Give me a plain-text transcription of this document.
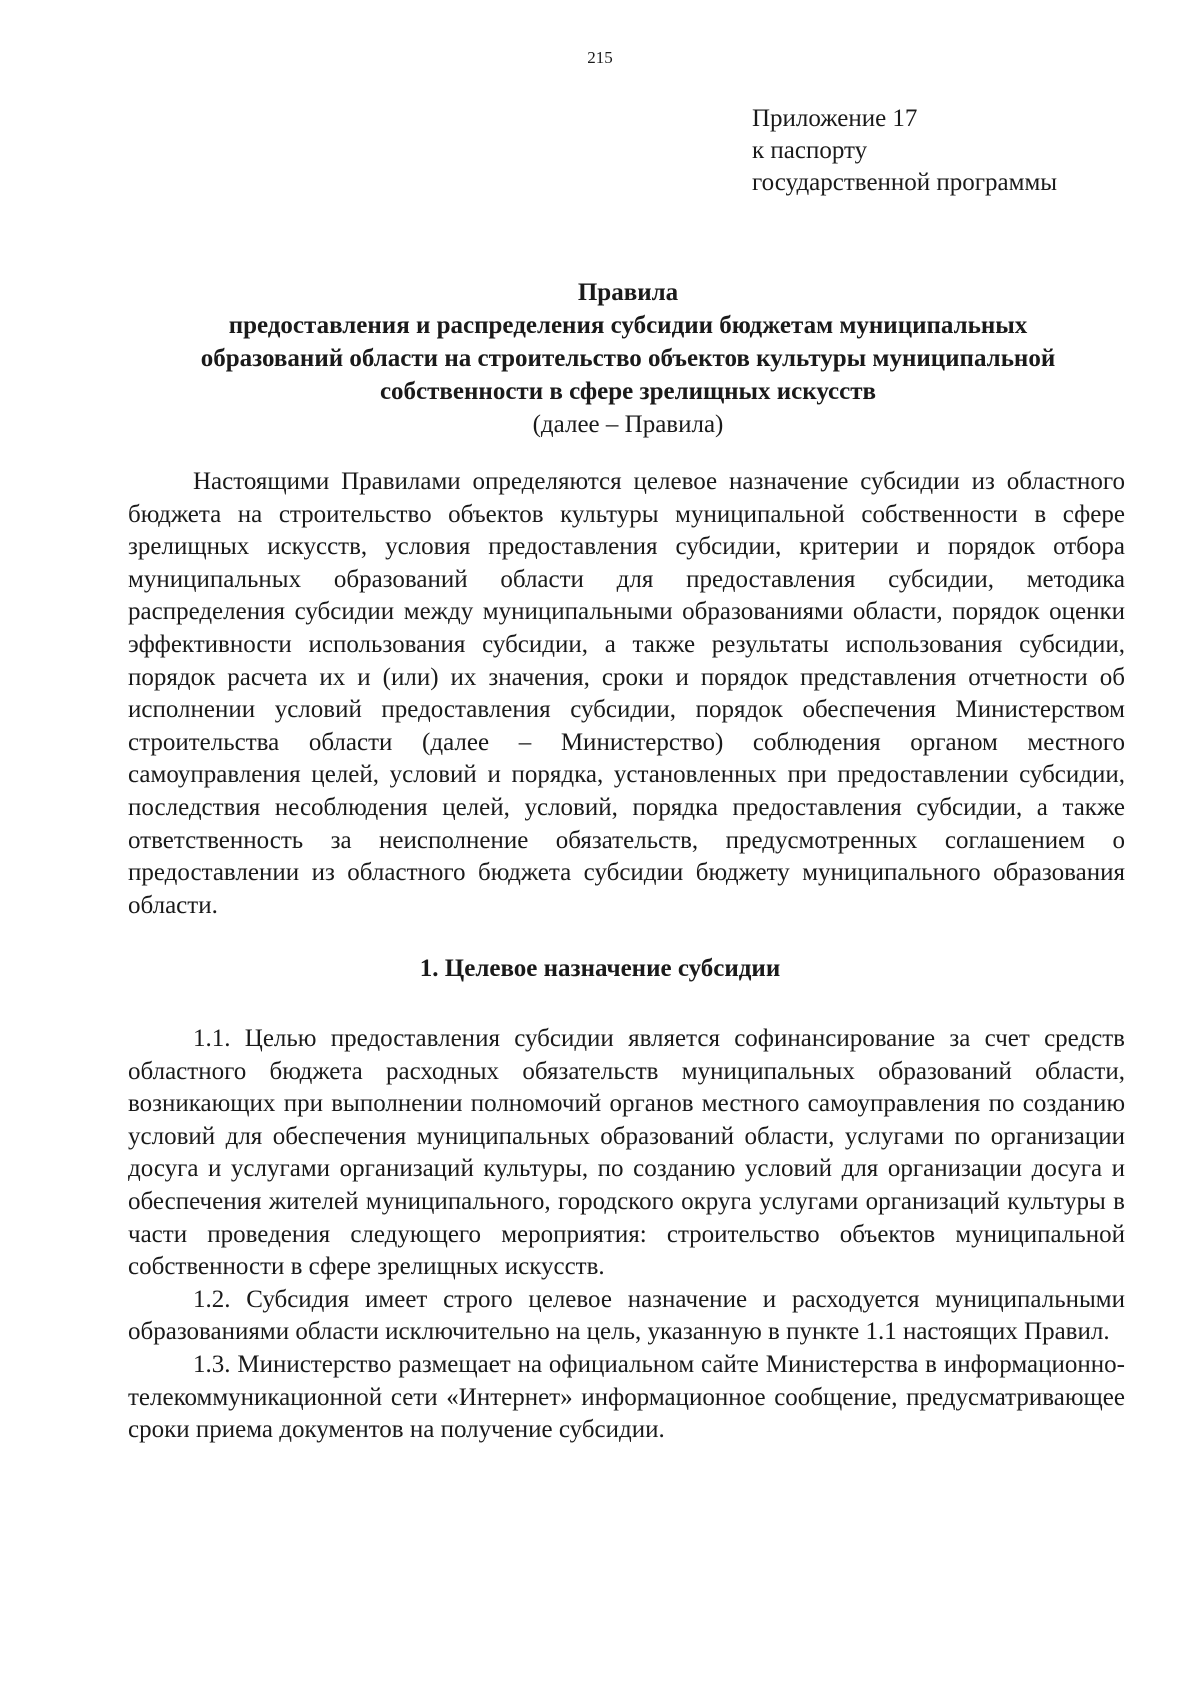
215
Приложение 17
к паспорту
государственной программы
Правила
предоставления и распределения субсидии бюджетам муниципальных
образований области на строительство объектов культуры муниципальной
собственности в сфере зрелищных искусств
(далее – Правила)

Настоящими Правилами определяются целевое назначение субсидии из областного бюджета на строительство объектов культуры муниципальной собственности в сфере зрелищных искусств, условия предоставления субсидии, критерии и порядок отбора муниципальных образований области для предоставления субсидии, методика распределения субсидии между муниципальными образованиями области, порядок оценки эффективности использования субсидии, а также результаты использования субсидии, порядок расчета их и (или) их значения, сроки и порядок представления отчетности об исполнении условий предоставления субсидии, порядок обеспечения Министерством строительства области (далее – Министерство) соблюдения органом местного самоуправления целей, условий и порядка, установленных при предоставлении субсидии, последствия несоблюдения целей, условий, порядка предоставления субсидии, а также ответственность за неисполнение обязательств, предусмотренных соглашением о предоставлении из областного бюджета субсидии бюджету муниципального образования области.

1. Целевое назначение субсидии

1.1. Целью предоставления субсидии является софинансирование за счет средств областного бюджета расходных обязательств муниципальных образований области, возникающих при выполнении полномочий органов местного самоуправления по созданию условий для обеспечения муниципальных образований области, услугами по организации досуга и услугами организаций культуры, по созданию условий для организации досуга и обеспечения жителей муниципального, городского округа услугами организаций культуры в части проведения следующего мероприятия: строительство объектов муниципальной собственности в сфере зрелищных искусств.

1.2. Субсидия имеет строго целевое назначение и расходуется муниципальными образованиями области исключительно на цель, указанную в пункте 1.1 настоящих Правил.

1.3. Министерство размещает на официальном сайте Министерства в информационно-телекоммуникационной сети «Интернет» информационное сообщение, предусматривающее сроки приема документов на получение субсидии.
